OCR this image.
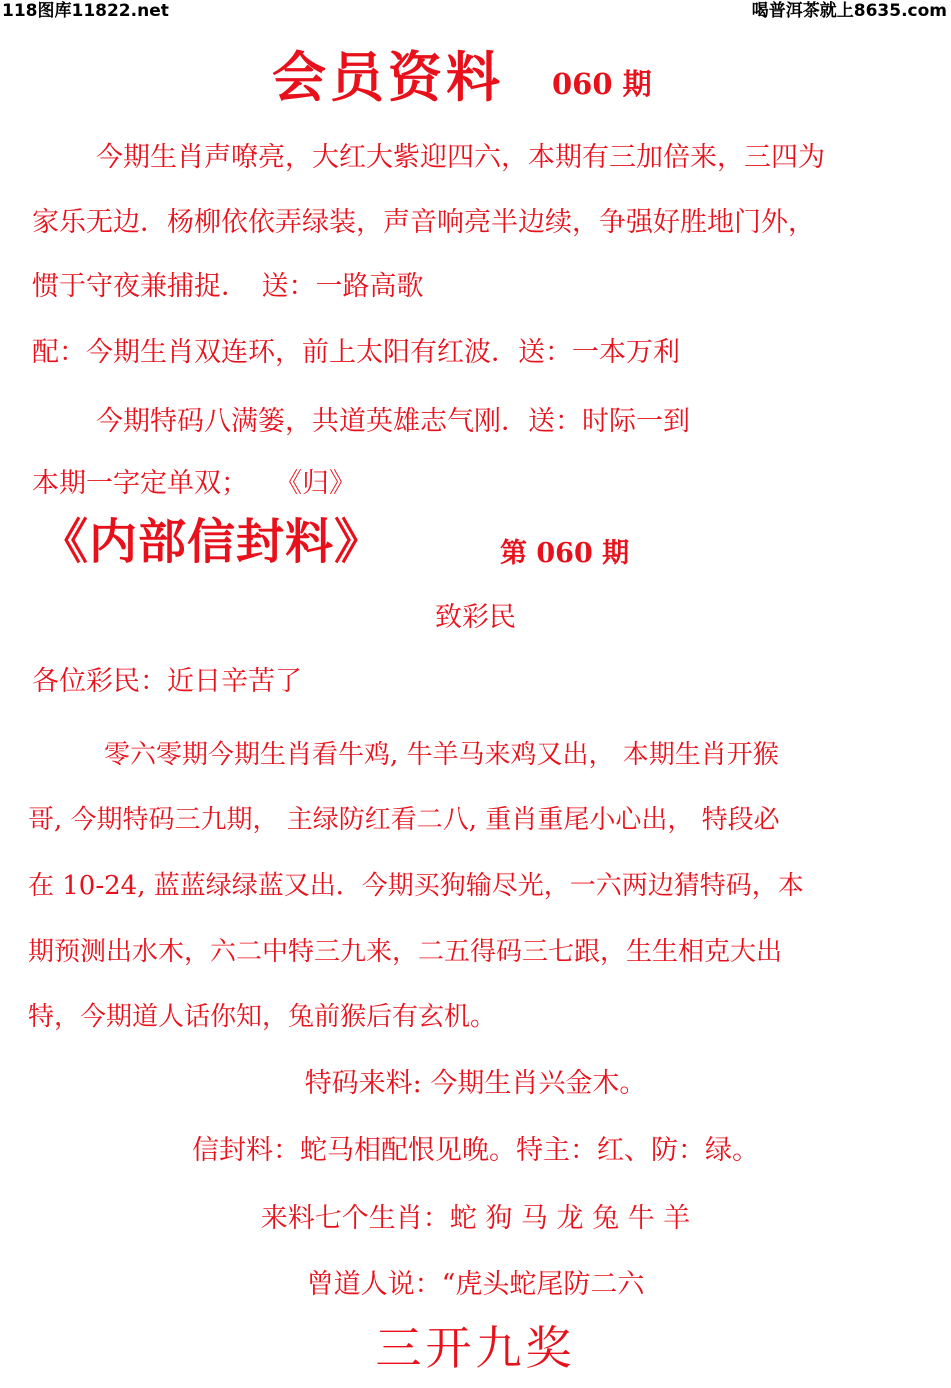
118图库11822.net	喝普洱茶就上8635.com
会员资料 060 期
今期生肖声嘹亮，大红大紫迎四六，本期有三加倍来，三四为
家乐无边．杨柳依依弄绿装，声音响亮半边续，争强好胜地门外，
惯于守夜兼捕捉．　送：一路高歌
配：今期生肖双连环，前上太阳有红波．送：一本万利
今期特码八满篓，共道英雄志气刚．送：时际一到
本期一字定单双；　　《归》
《内部信封料》	第 060 期
致彩民
各位彩民：近日辛苦了
零六零期今期生肖看牛鸡, 牛羊马来鸡又出， 本期生肖开猴
哥, 今期特码三九期， 主绿防红看二八, 重肖重尾小心出， 特段必
在 10-24, 蓝蓝绿绿蓝又出．今期买狗输尽光，一六两边猜特码，本
期预测出水木，六二中特三九来，二五得码三七跟，生生相克大出
特，今期道人话你知，兔前猴后有玄机。
特码来料: 今期生肖兴金木。
信封料：蛇马相配恨见晚。特主：红、防：绿。
来料七个生肖：蛇 狗 马 龙 兔 牛 羊
曾道人说：“虎头蛇尾防二六
三开九奖
